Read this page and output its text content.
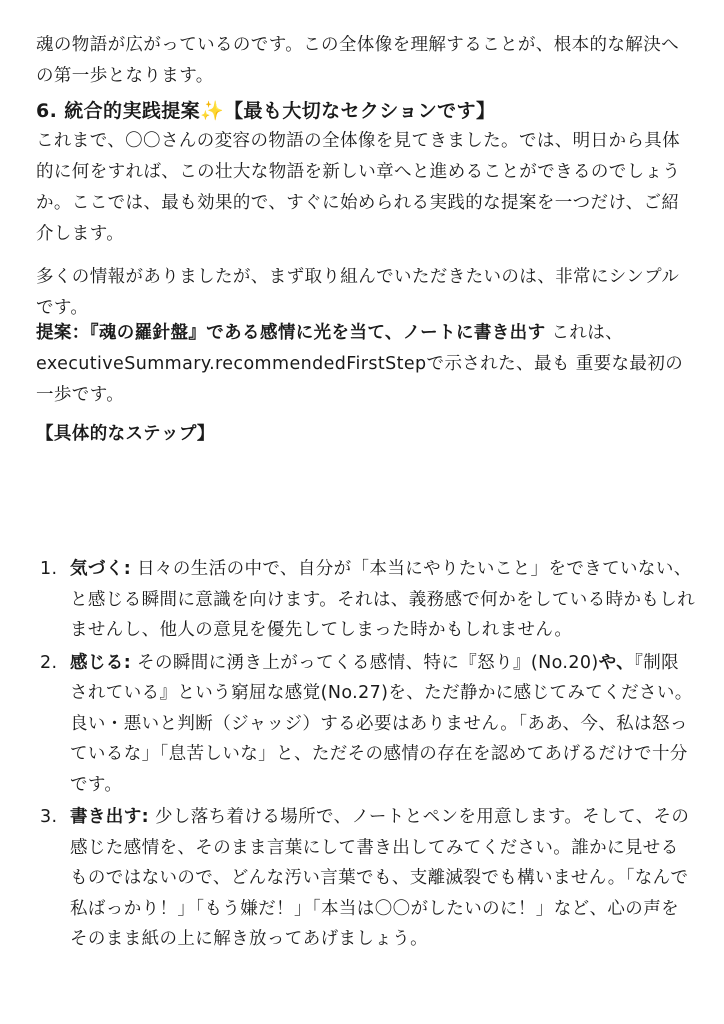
魂の物語が広がっているのです。この全体像を理解することが、根本的な解決への第一歩となります。

6. 統合的実践提案✨【最も大切なセクションです】

これまで、〇〇さんの変容の物語の全体像を見てきました。では、明日から具体的に何をすれば、この壮大な物語を新しい章へと進めることができるのでしょうか。ここでは、最も効果的で、すぐに始められる実践的な提案を一つだけ、ご紹介します。

多くの情報がありましたが、まず取り組んでいただきたいのは、非常にシンプルです。

提案：『魂の羅針盤』である感情に光を当て、ノートに書き出す これは、executiveSummary.recommendedFirstStepで示された、最も 重要な最初の一歩です。

【具体的なステップ】
1. 気づく: 日々の生活の中で、自分が「本当にやりたいこと」をできていない、と感じる瞬間に意識を向けます。それは、義務感で何かをしている時かもしれませんし、他人の意見を優先してしまった時かもしれません。
2. 感じる: その瞬間に湧き上がってくる感情、特に『怒り』(No.20)や、『制限されている』という窮屈な感覚(No.27)を、ただ静かに感じてみてください。良い・悪いと判断（ジャッジ）する必要はありません。「ああ、今、私は怒っているな」「息苦しいな」と、ただその感情の存在を認めてあげるだけで十分です。
3. 書き出す: 少し落ち着ける場所で、ノートとペンを用意します。そして、その感じた感情を、そのまま言葉にして書き出してみてください。誰かに見せるものではないので、どんな汚い言葉でも、支離滅裂でも構いません。「なんで私ばっかり！」「もう嫌だ！」「本当は〇〇がしたいのに！」など、心の声をそのまま紙の上に解き放ってあげましょう。
